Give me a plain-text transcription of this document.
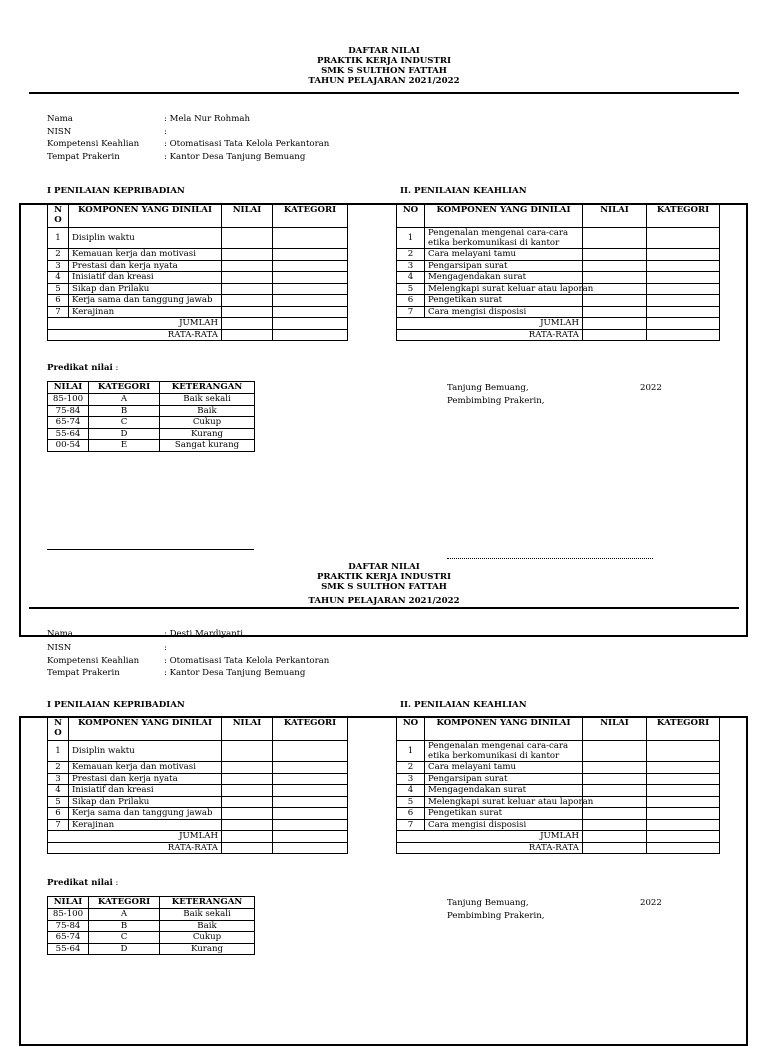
DAFTAR NILAI
PRAKTIK KERJA INDUSTRI
SMK S SULTHON FATTAH
TAHUN PELAJARAN 2021/2022
Nama	: Mela Nur Rohmah
NISN	:
Kompetensi Keahlian	: Otomatisasi Tata Kelola Perkantoran
Tempat Prakerin	: Kantor Desa Tanjung Bemuang
I PENILAIAN KEPRIBADIAN	II. PENILAIAN KEAHLIAN
N O	KOMPONEN YANG DINILAI	NILAI	KATEGORI
1	Disiplin waktu		
2	Kemauan kerja dan motivasi		
3	Prestasi dan kerja nyata		
4	Inisiatif dan kreasi		
5	Sikap dan Prilaku		
6	Kerja sama dan tanggung jawab		
7	Kerajinan		
JUMLAH			
RATA-RATA			
NO	KOMPONEN YANG DINILAI	NILAI	KATEGORI
1	Pengenalan mengenai cara-cara etika berkomunikasi di kantor		
2	Cara melayani tamu		
3	Pengarsipan surat		
4	Mengagendakan surat		
5	Melengkapi surat keluar atau laporan		
6	Pengetikan surat		
7	Cara mengisi disposisi		
JUMLAH			
RATA-RATA			
Predikat nilai :
NILAI	KATEGORI	KETERANGAN
85-100	A	Baik sekali
75-84	B	Baik
65-74	C	Cukup
55-64	D	Kurang
00-54	E	Sangat kurang
Tanjung Bemuang,	2022
Pembimbing Prakerin,
DAFTAR NILAI
PRAKTIK KERJA INDUSTRI
SMK S SULTHON FATTAH
TAHUN PELAJARAN 2021/2022
Nama	: Desti Mardiyanti
NISN	:
Kompetensi Keahlian	: Otomatisasi Tata Kelola Perkantoran
Tempat Prakerin	: Kantor Desa Tanjung Bemuang
I PENILAIAN KEPRIBADIAN	II. PENILAIAN KEAHLIAN
N O	KOMPONEN YANG DINILAI	NILAI	KATEGORI
1	Disiplin waktu		
2	Kemauan kerja dan motivasi		
3	Prestasi dan kerja nyata		
4	Inisiatif dan kreasi		
5	Sikap dan Prilaku		
6	Kerja sama dan tanggung jawab		
7	Kerajinan		
JUMLAH			
RATA-RATA			
NO	KOMPONEN YANG DINILAI	NILAI	KATEGORI
1	Pengenalan mengenai cara-cara etika berkomunikasi di kantor		
2	Cara melayani tamu		
3	Pengarsipan surat		
4	Mengagendakan surat		
5	Melengkapi surat keluar atau laporan		
6	Pengetikan surat		
7	Cara mengisi disposisi		
JUMLAH			
RATA-RATA			
Predikat nilai :
NILAI	KATEGORI	KETERANGAN
85-100	A	Baik sekali
75-84	B	Baik
65-74	C	Cukup
55-64	D	Kurang
Tanjung Bemuang,	2022
Pembimbing Prakerin,
